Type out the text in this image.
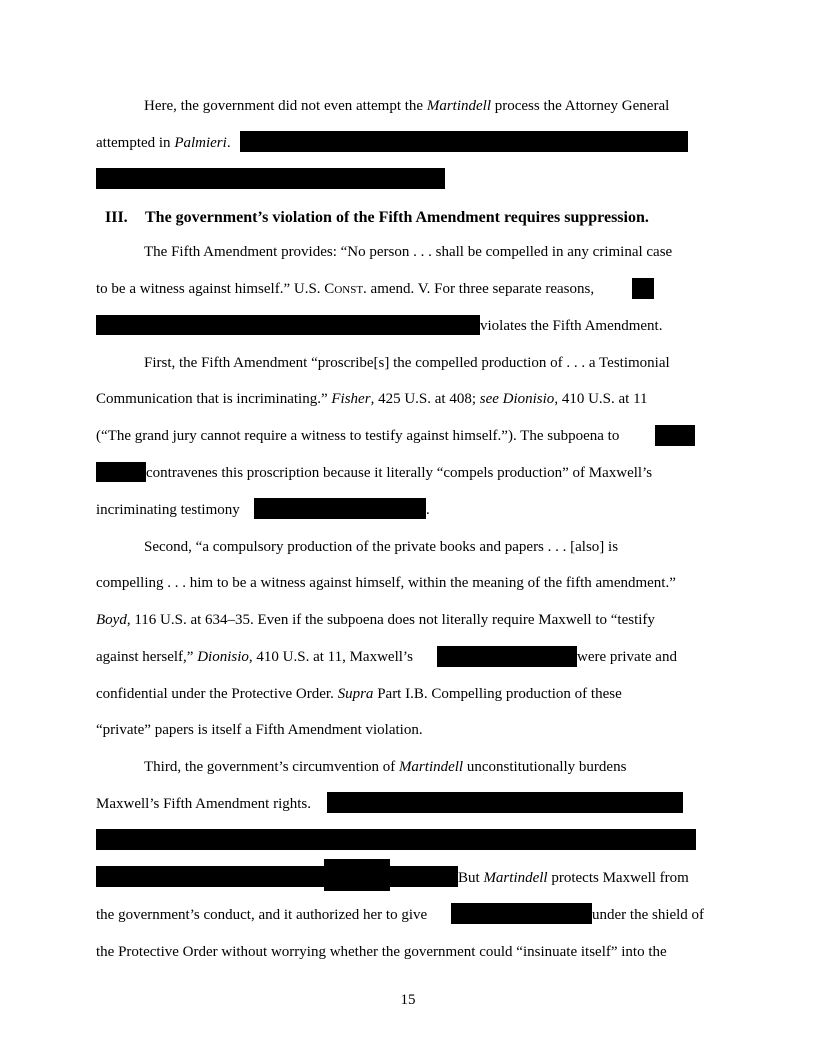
Here, the government did not even attempt the Martindell process the Attorney General
attempted in Palmieri.
III. The government’s violation of the Fifth Amendment requires suppression.
The Fifth Amendment provides: “No person . . . shall be compelled in any criminal case
to be a witness against himself.” U.S. Const. amend. V. For three separate reasons,
violates the Fifth Amendment.
First, the Fifth Amendment “proscribe[s] the compelled production of . . . a Testimonial
Communication that is incriminating.” Fisher, 425 U.S. at 408; see Dionisio, 410 U.S. at 11
(“The grand jury cannot require a witness to testify against himself.”). The subpoena to
contravenes this proscription because it literally “compels production” of Maxwell’s
incriminating testimony	.
Second, “a compulsory production of the private books and papers . . . [also] is
compelling . . . him to be a witness against himself, within the meaning of the fifth amendment.”
Boyd, 116 U.S. at 634–35. Even if the subpoena does not literally require Maxwell to “testify
against herself,” Dionisio, 410 U.S. at 11, Maxwell’s	were private and
confidential under the Protective Order. Supra Part I.B. Compelling production of these
“private” papers is itself a Fifth Amendment violation.
Third, the government’s circumvention of Martindell unconstitutionally burdens
Maxwell’s Fifth Amendment rights.
But Martindell protects Maxwell from
the government’s conduct, and it authorized her to give	under the shield of
the Protective Order without worrying whether the government could “insinuate itself” into the
15
